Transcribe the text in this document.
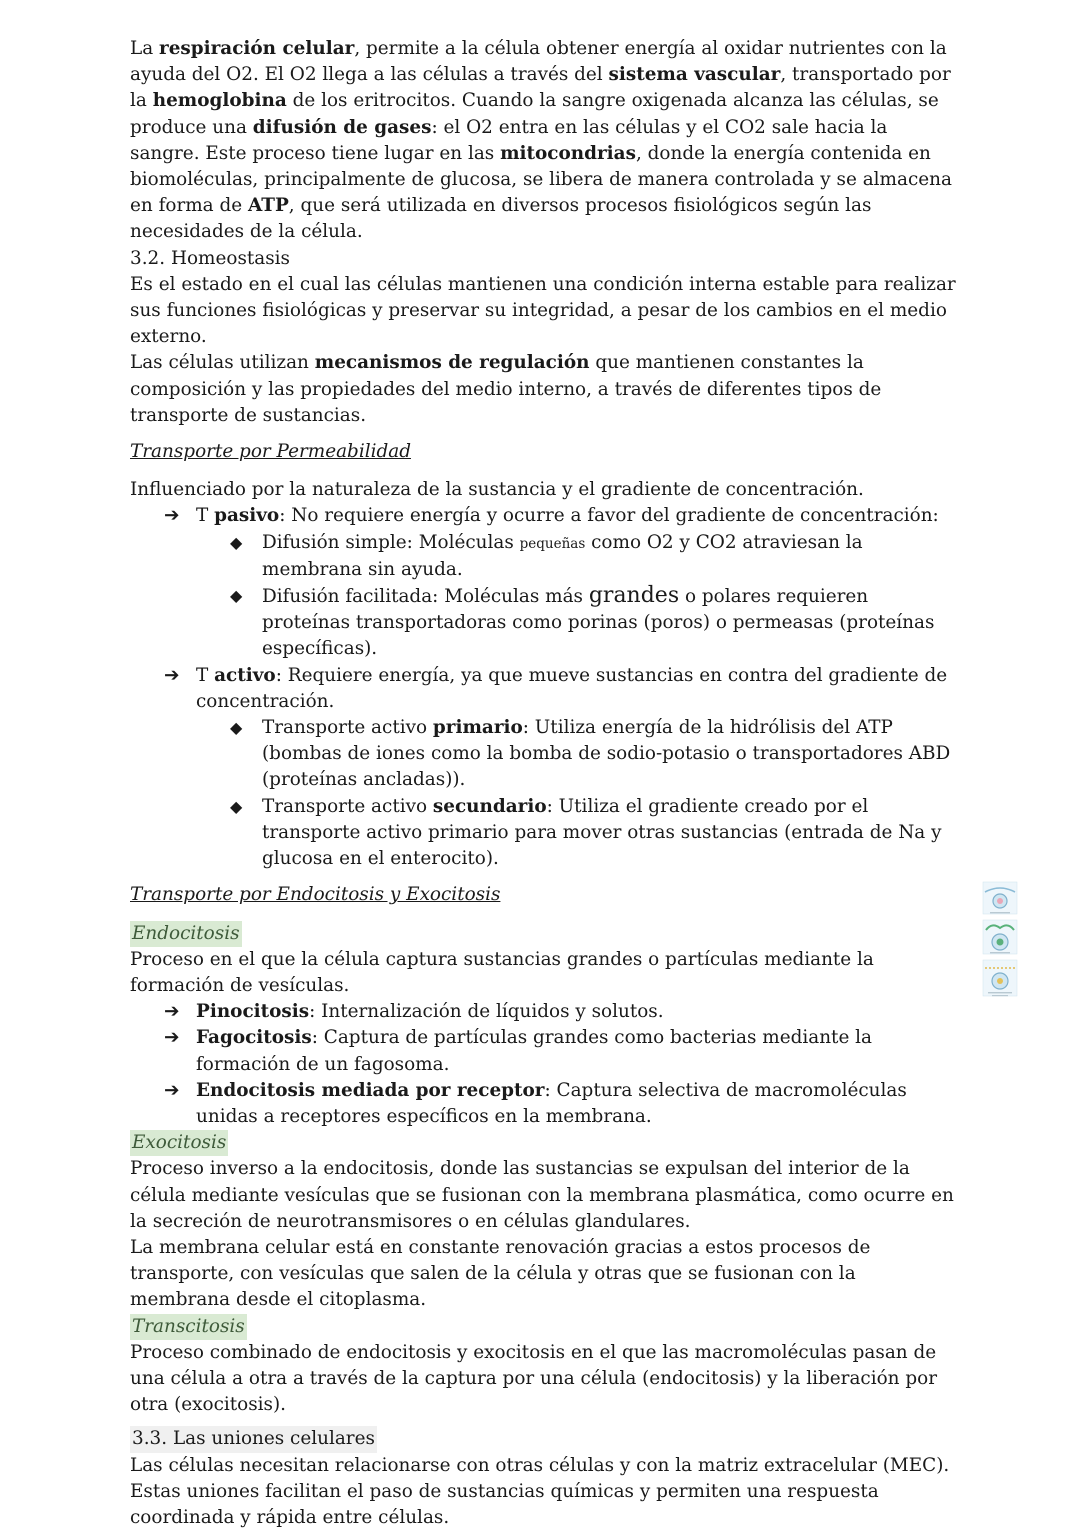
La respiración celular, permite a la célula obtener energía al oxidar nutrientes con la ayuda del O2. El O2 llega a las células a través del sistema vascular, transportado por la hemoglobina de los eritrocitos. Cuando la sangre oxigenada alcanza las células, se produce una difusión de gases: el O2 entra en las células y el CO2 sale hacia la sangre. Este proceso tiene lugar en las mitocondrias, donde la energía contenida en biomoléculas, principalmente de glucosa, se libera de manera controlada y se almacena en forma de ATP, que será utilizada en diversos procesos fisiológicos según las necesidades de la célula.

3.2. Homeostasis

Es el estado en el cual las células mantienen una condición interna estable para realizar sus funciones fisiológicas y preservar su integridad, a pesar de los cambios en el medio externo.

Las células utilizan mecanismos de regulación que mantienen constantes la composición y las propiedades del medio interno, a través de diferentes tipos de transporte de sustancias.

Transporte por Permeabilidad

Influenciado por la naturaleza de la sustancia y el gradiente de concentración.

➔ T pasivo: No requiere energía y ocurre a favor del gradiente de concentración:
◆ Difusión simple: Moléculas pequeñas como O2 y CO2 atraviesan la membrana sin ayuda.
◆ Difusión facilitada: Moléculas más grandes o polares requieren proteínas transportadoras como porinas (poros) o permeasas (proteínas específicas).
➔ T activo: Requiere energía, ya que mueve sustancias en contra del gradiente de concentración.
◆ Transporte activo primario: Utiliza energía de la hidrólisis del ATP (bombas de iones como la bomba de sodio-potasio o transportadores ABD (proteínas ancladas)).
◆ Transporte activo secundario: Utiliza el gradiente creado por el transporte activo primario para mover otras sustancias (entrada de Na y glucosa en el enterocito).

Transporte por Endocitosis y Exocitosis

Endocitosis

Proceso en el que la célula captura sustancias grandes o partículas mediante la formación de vesículas.

➔ Pinocitosis: Internalización de líquidos y solutos.
➔ Fagocitosis: Captura de partículas grandes como bacterias mediante la formación de un fagosoma.
➔ Endocitosis mediada por receptor: Captura selectiva de macromoléculas unidas a receptores específicos en la membrana.

Exocitosis

Proceso inverso a la endocitosis, donde las sustancias se expulsan del interior de la célula mediante vesículas que se fusionan con la membrana plasmática, como ocurre en la secreción de neurotransmisores o en células glandulares.

La membrana celular está en constante renovación gracias a estos procesos de transporte, con vesículas que salen de la célula y otras que se fusionan con la membrana desde el citoplasma.

Transcitosis

Proceso combinado de endocitosis y exocitosis en el que las macromoléculas pasan de una célula a otra a través de la captura por una célula (endocitosis) y la liberación por otra (exocitosis).

3.3. Las uniones celulares

Las células necesitan relacionarse con otras células y con la matriz extracelular (MEC). Estas uniones facilitan el paso de sustancias químicas y permiten una respuesta coordinada y rápida entre células.
